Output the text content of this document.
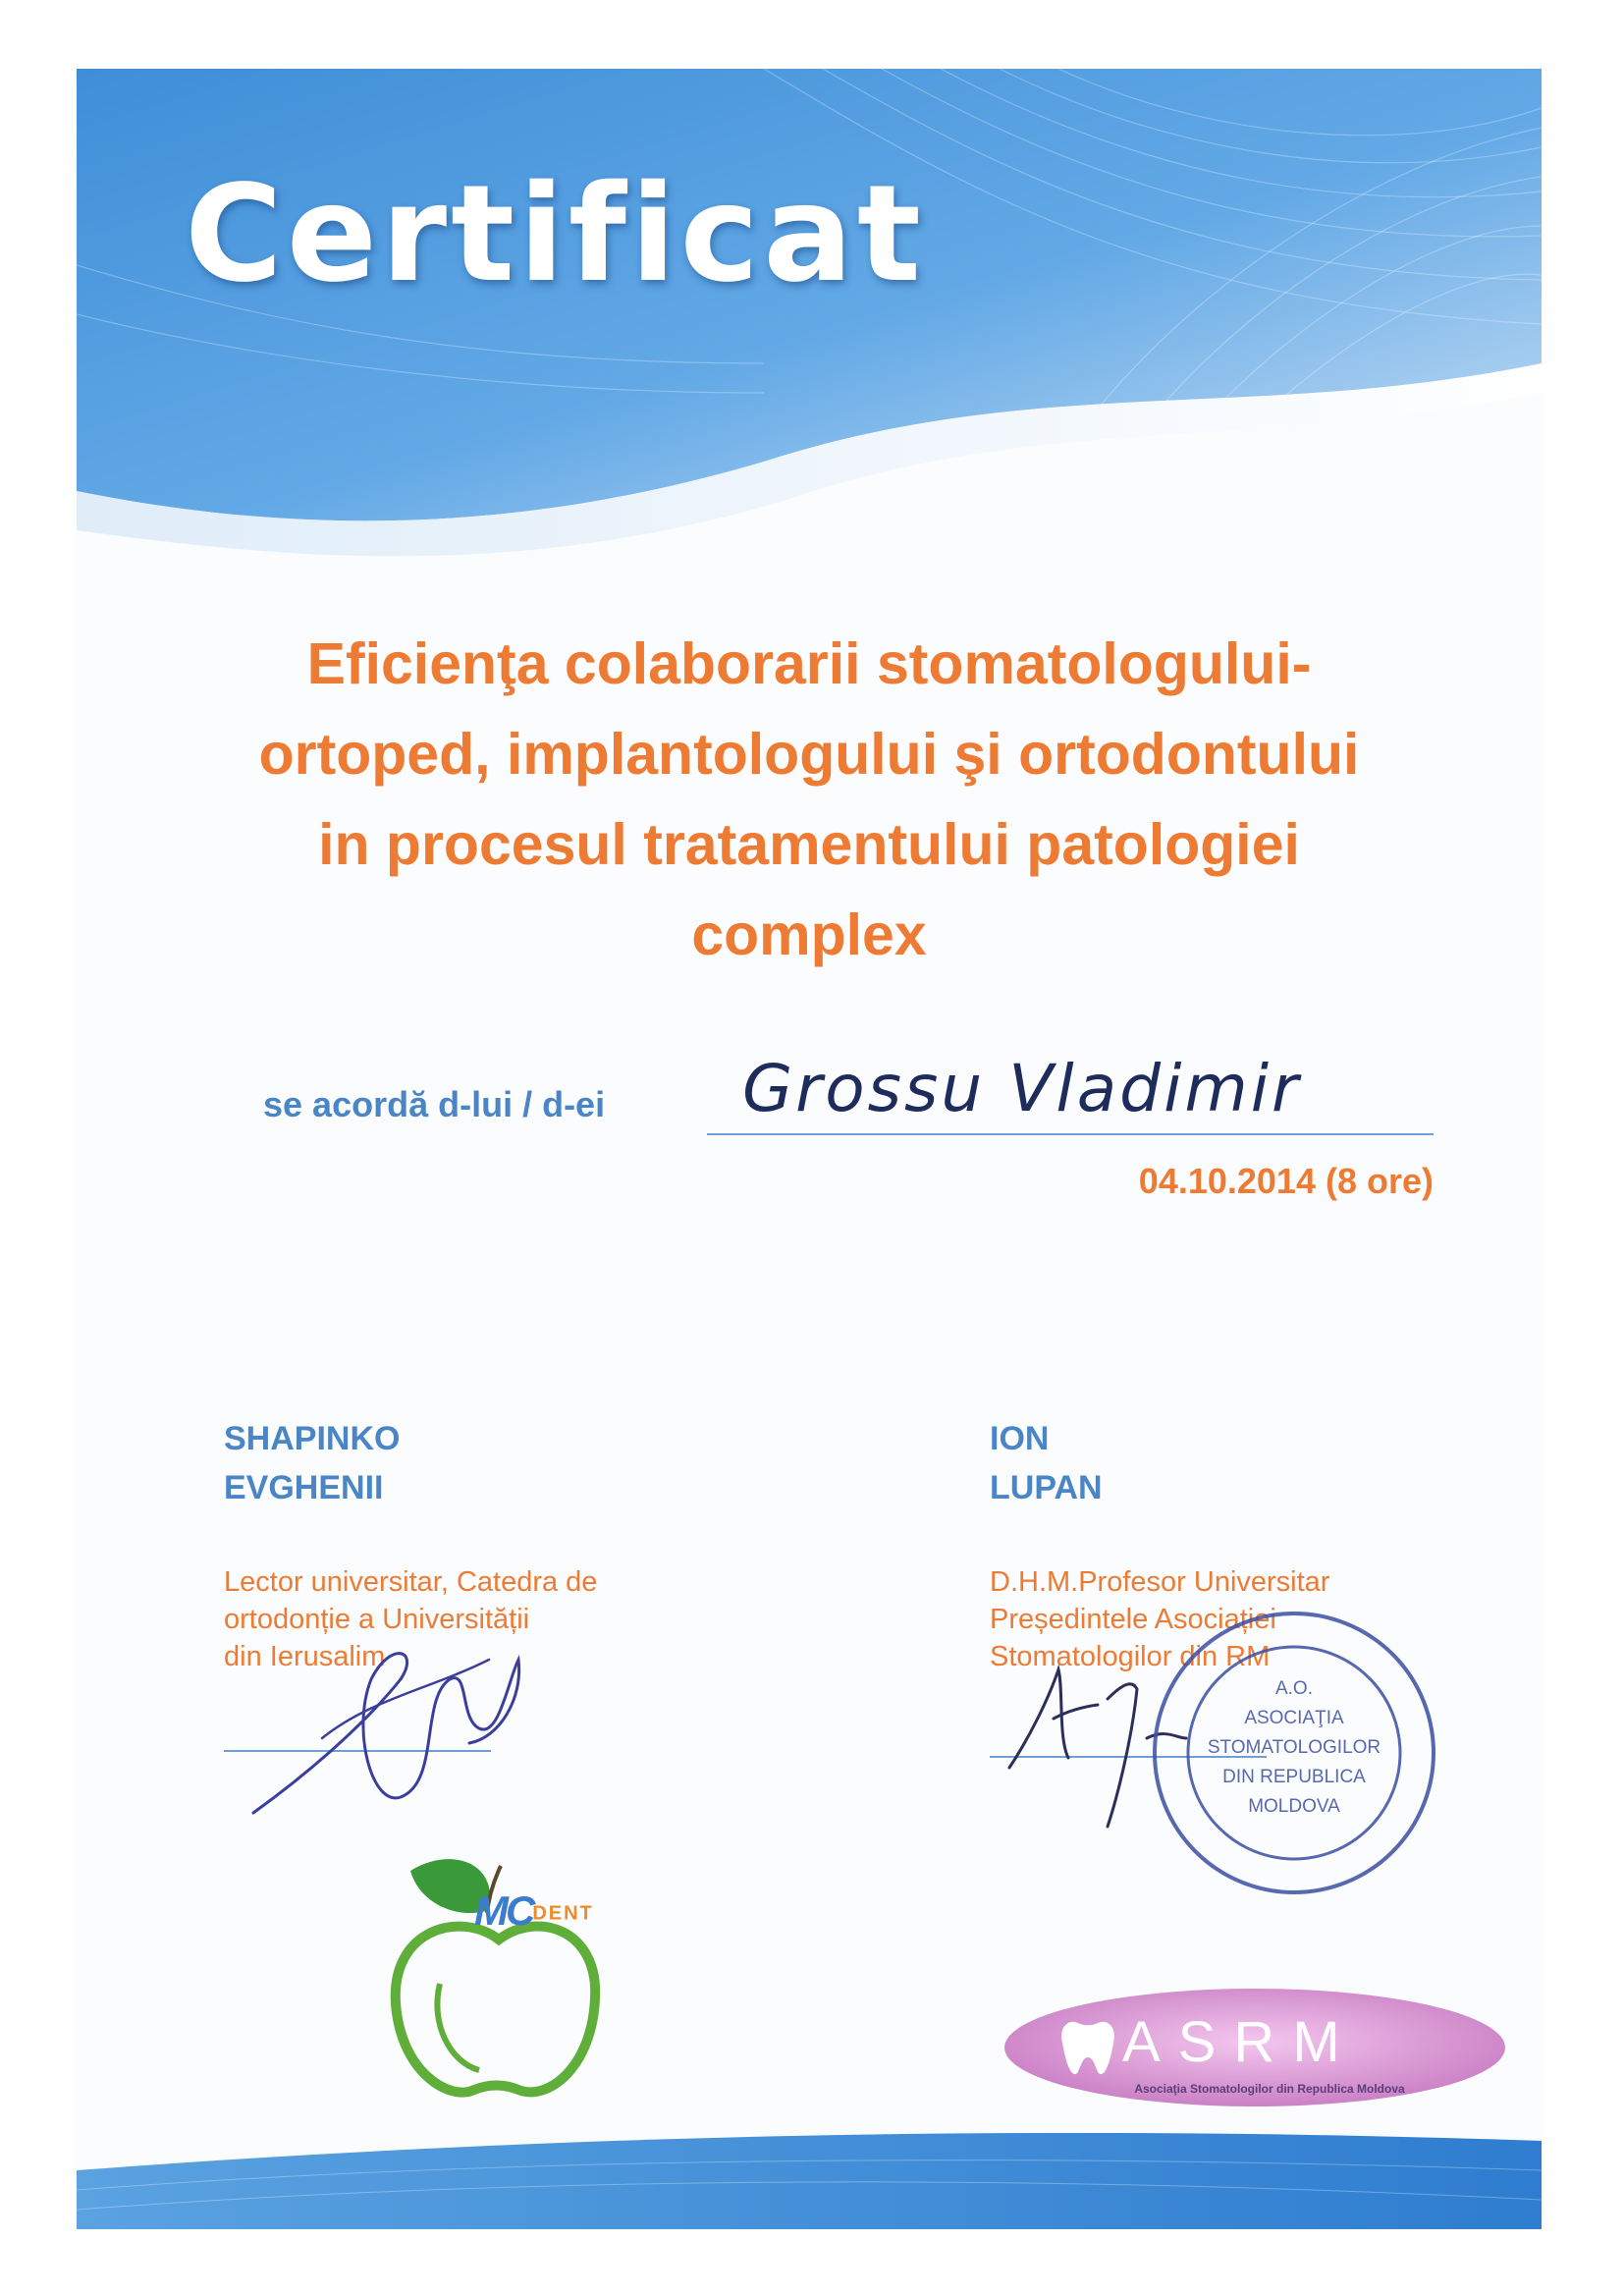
Certificat
Eficienţa colaborarii stomatologului-
ortoped, implantologului şi ortodontului
in procesul tratamentului patologiei
complex
se acordă d-lui / d-ei Grossu Vladimir

04.10.2014 (8 ore)
SHAPINKO
EVGHENII
Lector universitar, Catedra de
ortodonție a Universității
din Ierusalim
ION
LUPAN
D.H.M.Profesor Universitar
Președintele Asociației
Stomatologilor din RM
A.O.
ASOCIAŢIA
STOMATOLOGILOR
DIN REPUBLICA
MOLDOVA
MCDENT
ASRM
Asociaţia Stomatologilor din Republica Moldova
